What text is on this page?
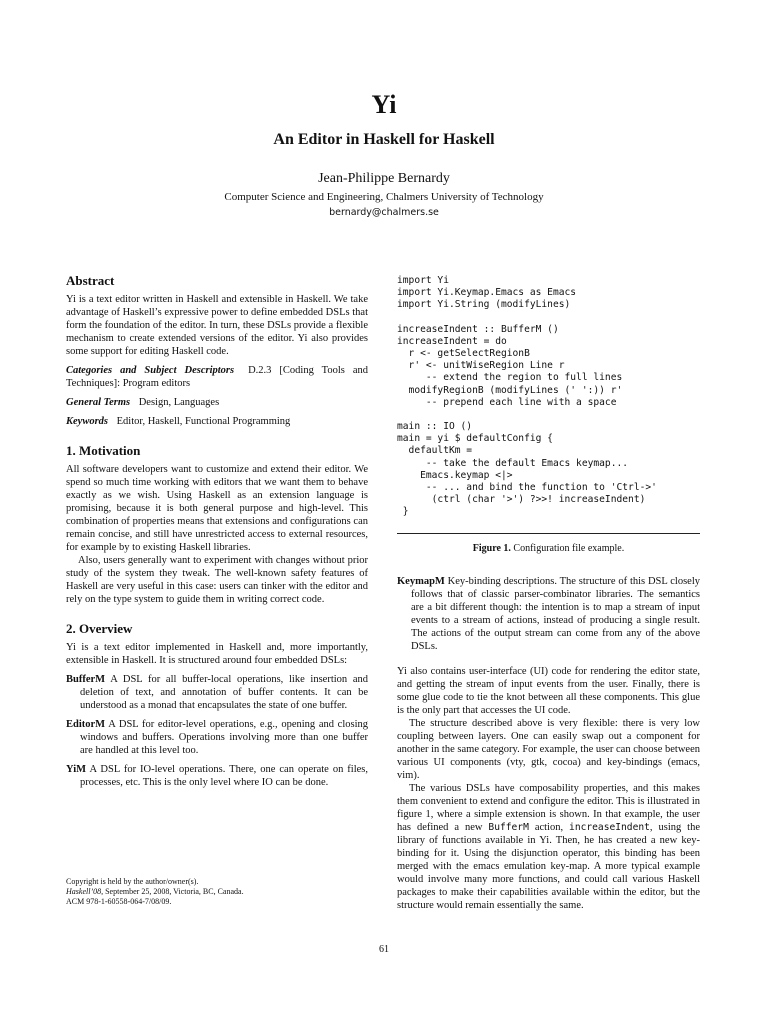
Yi
An Editor in Haskell for Haskell
Jean-Philippe Bernardy
Computer Science and Engineering, Chalmers University of Technology
bernardy@chalmers.se
Abstract

Yi is a text editor written in Haskell and extensible in Haskell. We take advantage of Haskell’s expressive power to define embedded DSLs that form the foundation of the editor. In turn, these DSLs provide a flexible mechanism to create extended versions of the editor. Yi also provides some support for editing Haskell code.

Categories and Subject Descriptors D.2.3 [Coding Tools and Techniques]: Program editors

General Terms Design, Languages

Keywords Editor, Haskell, Functional Programming

1. Motivation

All software developers want to customize and extend their editor. We spend so much time working with editors that we want them to behave exactly as we wish. Using Haskell as an extension language is promising, because it is both general purpose and high-level. This combination of properties means that extensions and configurations can remain concise, and still have unrestricted access to external resources, for example by to existing Haskell libraries.

Also, users generally want to experiment with changes without prior study of the system they tweak. The well-known safety features of Haskell are very useful in this case: users can tinker with the editor and rely on the type system to guide them in writing correct code.

2. Overview

Yi is a text editor implemented in Haskell and, more importantly, extensible in Haskell. It is structured around four embedded DSLs:

BufferM A DSL for all buffer-local operations, like insertion and deletion of text, and annotation of buffer contents. It can be understood as a monad that encapsulates the state of one buffer.

EditorM A DSL for editor-level operations, e.g., opening and closing windows and buffers. Operations involving more than one buffer are handled at this level too.

YiM A DSL for IO-level operations. There, one can operate on files, processes, etc. This is the only level where IO can be done.

import Yi
import Yi.Keymap.Emacs as Emacs
import Yi.String (modifyLines)
increaseIndent :: BufferM ()
increaseIndent = do
r <- getSelectRegionB
r' <- unitWiseRegion Line r
-- extend the region to full lines
modifyRegionB (modifyLines (' ':)) r'
-- prepend each line with a space
main :: IO ()
main = yi $ defaultConfig {
defaultKm =
-- take the default Emacs keymap...
Emacs.keymap <|>
-- ... and bind the function to 'Ctrl->'
(ctrl (char '>') ?>>! increaseIndent)
}
Figure 1. Configuration file example.

KeymapM Key-binding descriptions. The structure of this DSL closely follows that of classic parser-combinator libraries. The semantics are a bit different though: the intention is to map a stream of input events to a stream of actions, instead of producing a single result. The actions of the output stream can come from any of the above DSLs.

Yi also contains user-interface (UI) code for rendering the editor state, and getting the stream of input events from the user. Finally, there is some glue code to tie the knot between all these components. This glue is the only part that accesses the UI code.

The structure described above is very flexible: there is very low coupling between layers. One can easily swap out a component for another in the same category. For example, the user can choose between various UI components (vty, gtk, cocoa) and key-bindings (emacs, vim).

The various DSLs have composability properties, and this makes them convenient to extend and configure the editor. This is illustrated in figure 1, where a simple extension is shown. In that example, the user has defined a new BufferM action, increaseIndent, using the library of functions available in Yi. Then, he has created a new key-binding for it. Using the disjunction operator, this binding has been merged with the emacs emulation key-map. A more typical example would involve many more functions, and could call various Haskell packages to make their capabilities available within the editor, but the structure would remain essentially the same.

Copyright is held by the author/owner(s).
Haskell’08, September 25, 2008, Victoria, BC, Canada.
ACM 978-1-60558-064-7/08/09.
61
